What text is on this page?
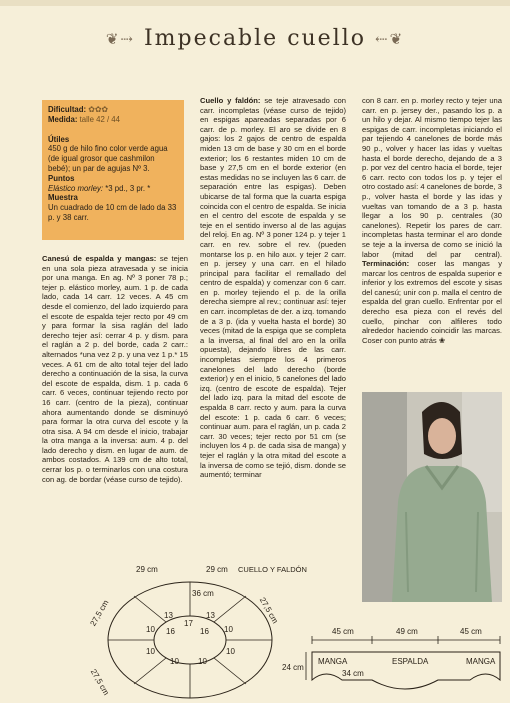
❦⇢ Impecable cuello ⇠❦
Dificultad: ✿✿✿
Medida: talle 42 / 44
Útiles
450 g de hilo fino color verde agua (de igual grosor que cashmilon bebé); un par de agujas Nº 3.
Puntos
Elástico morley: *3 pd., 3 pr. *
Muestra
Un cuadrado de 10 cm de lado da 33 p. y 38 carr.
Canesú de espalda y mangas: se tejen en una sola pieza atravesada y se inicia por una manga. En ag. Nº 3 poner 78 p.; tejer p. elástico morley, aum. 1 p. de cada lado, cada 14 carr. 12 veces. A 45 cm desde el comienzo, del lado izquierdo para el escote de espalda tejer recto por 49 cm y para formar la sisa raglán del lado derecho tejer así: cerrar 4 p. y dism. para el raglán a 2 p. del borde, cada 2 carr.: alternados *una vez 2 p. y una vez 1 p.* 15 veces. A 61 cm de alto total tejer del lado derecho a continuación de la sisa, la curva del escote de espalda, dism. 1 p. cada 6 carr. 6 veces, continuar tejiendo recto por 16 carr. (centro de la pieza), continuar ahora aumentando donde se disminuyó para formar la otra curva del escote y la otra sisa. A 94 cm desde el inicio, trabajar la otra manga a la inversa: aum. 4 p. del lado derecho y dism. en lugar de aum. de ambos costados. A 139 cm de alto total, cerrar los p. o terminarlos con una costura con ag. de bordar (véase curso de tejido).
Cuello y faldón: se teje atravesado con carr. incompletas (véase curso de tejido) en espigas apareadas separadas por 6 carr. de p. morley. El aro se divide en 8 gajos: los 2 gajos de centro de espalda miden 13 cm de base y 30 cm en el borde exterior; los 6 restantes miden 10 cm de base y 27,5 cm en el borde exterior (en estas medidas no se incluyen las 6 carr. de separación entre las espigas). Deben ubicarse de tal forma que la cuarta espiga coincida con el centro de espalda. Se inicia en el centro del escote de espalda y se teje en el sentido inverso al de las agujas del reloj. En ag. Nº 3 poner 124 p. y tejer 1 carr. en rev. sobre el rev. (pueden montarse los p. en hilo aux. y tejer 2 carr. en p. jersey y una carr. en el hilado principal para facilitar el remallado del centro de espalda) y comenzar con 6 carr. en p. morley tejiendo el p. de la orilla derecha siempre al rev.; continuar así: tejer en carr. incompletas de der. a izq. tomando de a 3 p. (ida y vuelta hasta el borde) 30 veces (mitad de la espiga que se completa a la inversa, al final del aro en la orilla opuesta), dejando libres de las carr. incompletas siempre los 4 primeros canelones del lado derecho (borde exterior) y en el inicio, 5 canelones del lado izq. (centro de escote de espalda). Tejer del lado izq. para la mitad del escote de espalda 8 carr. recto y aum. para la curva del escote: 1 p. cada 6 carr. 6 veces; continuar aum. para el raglán, un p. cada 2 carr. 30 veces; tejer recto por 51 cm (se incluyen los 4 p. de cada sisa de manga) y tejer el raglán y la otra mitad del escote a la inversa de como se tejió, dism. donde se aumentó; terminar
con 8 carr. en p. morley recto y tejer una carr. en p. jersey der., pasando los p. a un hilo y dejar. Al mismo tiempo tejer las espigas de carr. incompletas iniciando el par tejiendo 4 canelones de borde más 90 p., volver y hacer las idas y vueltas hasta el borde derecho, dejando de a 3 p. por vez del centro hacia el borde, tejer 6 carr. recto con todos los p. y tejer el otro costado así: 4 canelones de borde, 3 p., volver hasta el borde y las idas y vueltas van tomando de a 3 p. hasta llegar a los 90 p. centrales (30 canelones). Repetir los pares de carr. incompletas hasta terminar el aro donde se teje a la inversa de como se inició la labor (mitad del par central). Terminación: coser las mangas y marcar los centros de espalda superior e inferior y los extremos del escote y sisas del canesú; unir con p. malla el centro de espalda del gran cuello. Enfrentar por el derecho esa pieza con el revés del cuello, pinchar con alfileres todo alrededor haciendo coincidir las marcas. Coser con punto atrás ❀
29 cm	29 cm CUELLO Y FALDÓN
27,5 cm
27,5 cm
27,5 cm
36 cm
13	13
17
16	16
10	10
10	10
10 10
45 cm	49 cm	45 cm
24 cm
MANGA	ESPALDA	MANGA
34 cm
